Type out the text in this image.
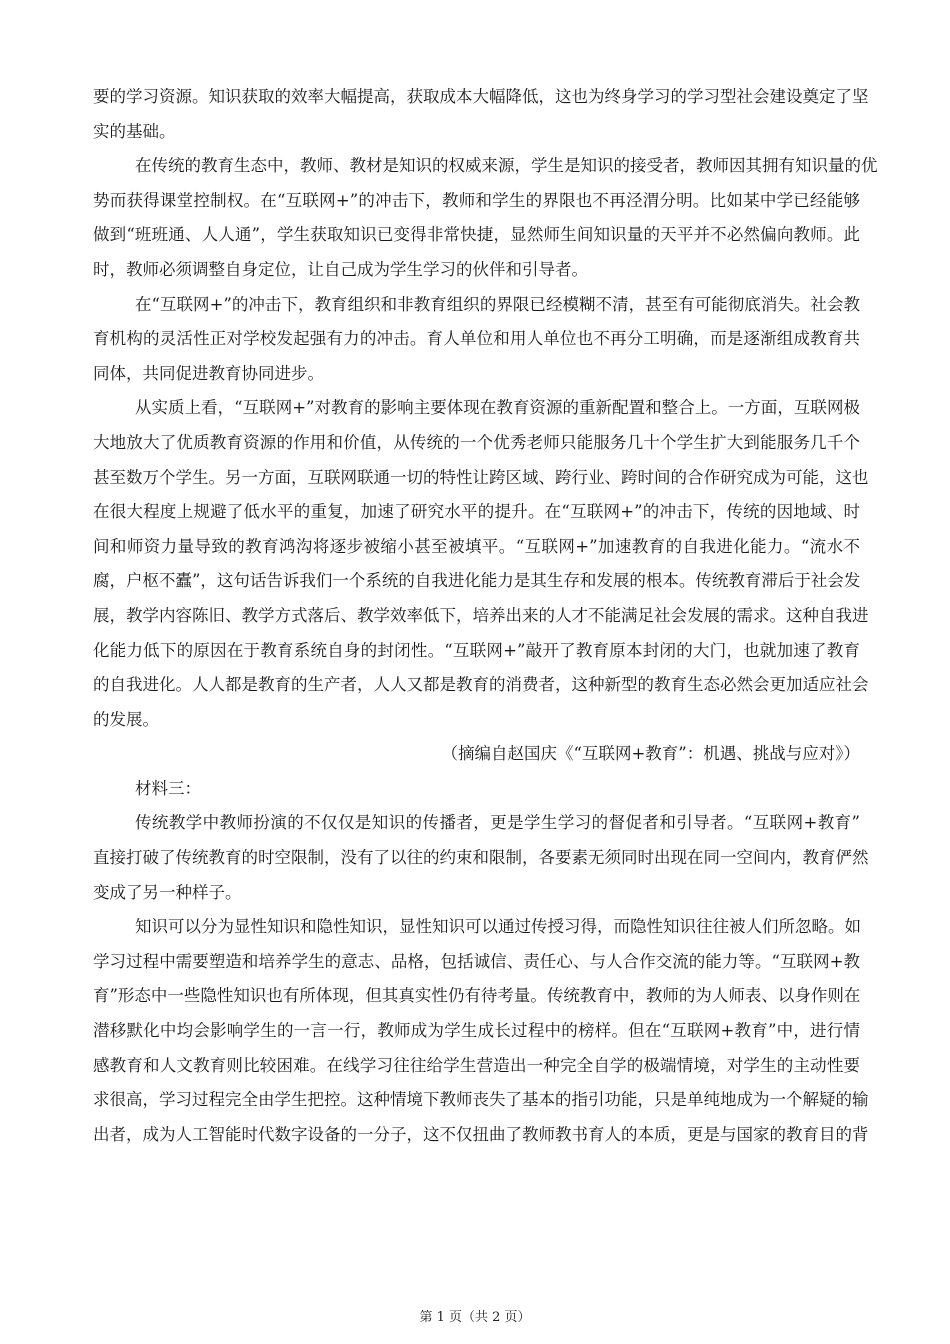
要的学习资源。知识获取的效率大幅提高，获取成本大幅降低，这也为终身学习的学习型社会建设奠定了坚
实的基础。
在传统的教育生态中，教师、教材是知识的权威来源，学生是知识的接受者，教师因其拥有知识量的优
势而获得课堂控制权。在“互联网+”的冲击下，教师和学生的界限也不再泾渭分明。比如某中学已经能够
做到“班班通、人人通”，学生获取知识已变得非常快捷，显然师生间知识量的天平并不必然偏向教师。此
时，教师必须调整自身定位，让自己成为学生学习的伙伴和引导者。
在“互联网+”的冲击下，教育组织和非教育组织的界限已经模糊不清，甚至有可能彻底消失。社会教
育机构的灵活性正对学校发起强有力的冲击。育人单位和用人单位也不再分工明确，而是逐渐组成教育共
同体，共同促进教育协同进步。
从实质上看，“互联网+”对教育的影响主要体现在教育资源的重新配置和整合上。一方面，互联网极
大地放大了优质教育资源的作用和价值，从传统的一个优秀老师只能服务几十个学生扩大到能服务几千个
甚至数万个学生。另一方面，互联网联通一切的特性让跨区域、跨行业、跨时间的合作研究成为可能，这也
在很大程度上规避了低水平的重复，加速了研究水平的提升。在“互联网+”的冲击下，传统的因地域、时
间和师资力量导致的教育鸿沟将逐步被缩小甚至被填平。“互联网+”加速教育的自我进化能力。“流水不
腐，户枢不蠹”，这句话告诉我们一个系统的自我进化能力是其生存和发展的根本。传统教育滞后于社会发
展，教学内容陈旧、教学方式落后、教学效率低下，培养出来的人才不能满足社会发展的需求。这种自我进
化能力低下的原因在于教育系统自身的封闭性。“互联网+”敲开了教育原本封闭的大门，也就加速了教育
的自我进化。人人都是教育的生产者，人人又都是教育的消费者，这种新型的教育生态必然会更加适应社会
的发展。
（摘编自赵国庆《“互联网+教育”：机遇、挑战与应对》）
材料三：
传统教学中教师扮演的不仅仅是知识的传播者，更是学生学习的督促者和引导者。“互联网+教育”
直接打破了传统教育的时空限制，没有了以往的约束和限制，各要素无须同时出现在同一空间内，教育俨然
变成了另一种样子。
知识可以分为显性知识和隐性知识，显性知识可以通过传授习得，而隐性知识往往被人们所忽略。如
学习过程中需要塑造和培养学生的意志、品格，包括诚信、责任心、与人合作交流的能力等。“互联网+教
育”形态中一些隐性知识也有所体现，但其真实性仍有待考量。传统教育中，教师的为人师表、以身作则在
潜移默化中均会影响学生的一言一行，教师成为学生成长过程中的榜样。但在“互联网+教育”中，进行情
感教育和人文教育则比较困难。在线学习往往给学生营造出一种完全自学的极端情境，对学生的主动性要
求很高，学习过程完全由学生把控。这种情境下教师丧失了基本的指引功能，只是单纯地成为一个解疑的输
出者，成为人工智能时代数字设备的一分子，这不仅扭曲了教师教书育人的本质，更是与国家的教育目的背
第 1 页（共 2 页）
